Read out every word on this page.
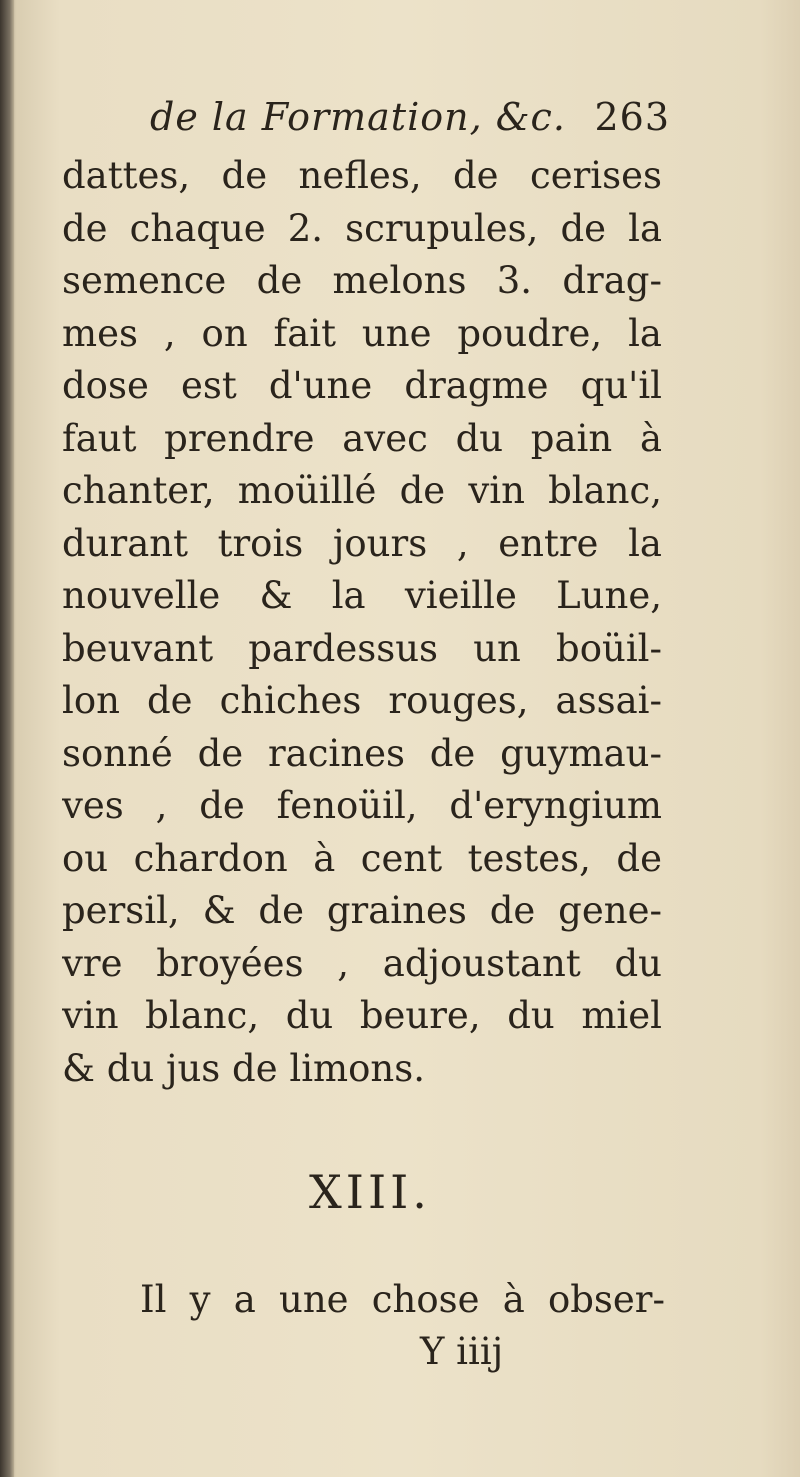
de la Formation, &c. 263
dattes, de nefles, de cerises
de chaque 2. scrupules, de la
semence de melons 3. drag-
mes , on fait une poudre, la
dose est d'une dragme qu'il
faut prendre avec du pain à
chanter, moüillé de vin blanc,
durant trois jours , entre la
nouvelle & la vieille Lune,
beuvant pardessus un boüil-
lon de chiches rouges, assai-
sonné de racines de guymau-
ves , de fenoüil, d'eryngium
ou chardon à cent testes, de
persil, & de graines de gene-
vre broyées , adjoustant du
vin blanc, du beure, du miel
& du jus de limons.
XIII.
Il y a une chose à obser-
Y iiij
